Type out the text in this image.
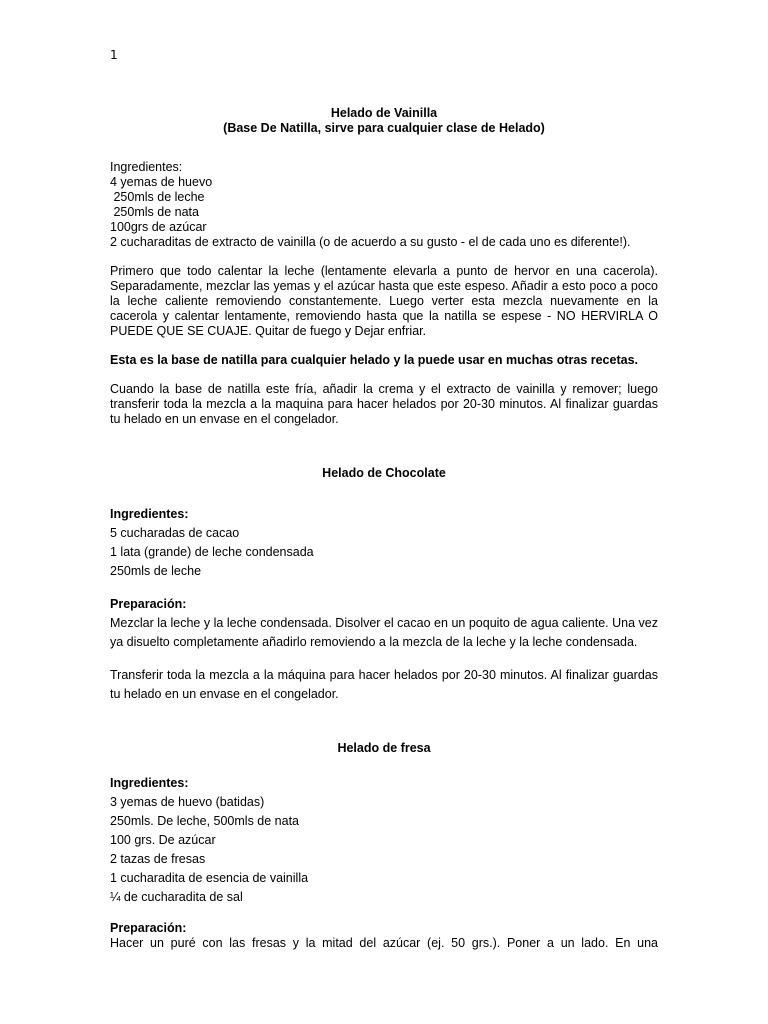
1

Helado de Vainilla

(Base De Natilla, sirve para cualquier clase de Helado)

Ingredientes:

4 yemas de huevo

250mls de leche

250mls de nata

100grs de azúcar

2 cucharaditas de extracto de vainilla (o de acuerdo a su gusto - el de cada uno es diferente!).

Primero que todo calentar la leche (lentamente elevarla a punto de hervor en una cacerola). Separadamente, mezclar las yemas y el azúcar hasta que este espeso. Añadir a esto poco a poco la leche caliente removiendo constantemente. Luego verter esta mezcla nuevamente en la cacerola y calentar lentamente, removiendo hasta que la natilla se espese - NO HERVIRLA O PUEDE QUE SE CUAJE. Quitar de fuego y Dejar enfriar.

Esta es la base de natilla para cualquier helado y la puede usar en muchas otras recetas.

Cuando la base de natilla este fría, añadir la crema y el extracto de vainilla y remover; luego transferir toda la mezcla a la maquina para hacer helados por 20-30 minutos. Al finalizar guardas tu helado en un envase en el congelador.

Helado de Chocolate

Ingredientes:

5 cucharadas de cacao

1 lata (grande) de leche condensada

250mls de leche

Preparación:

Mezclar la leche y la leche condensada. Disolver el cacao en un poquito de agua caliente. Una vez ya disuelto completamente añadirlo removiendo a la mezcla de la leche y la leche condensada.

Transferir toda la mezcla a la máquina para hacer helados por 20-30 minutos. Al finalizar guardas tu helado en un envase en el congelador.

Helado de fresa

Ingredientes:

3 yemas de huevo (batidas)

250mls. De leche, 500mls de nata

100 grs. De azúcar

2 tazas de fresas

1 cucharadita de esencia de vainilla

¼ de cucharadita de sal

Preparación:

Hacer un puré con las fresas y la mitad del azúcar (ej. 50 grs.). Poner a un lado. En una
